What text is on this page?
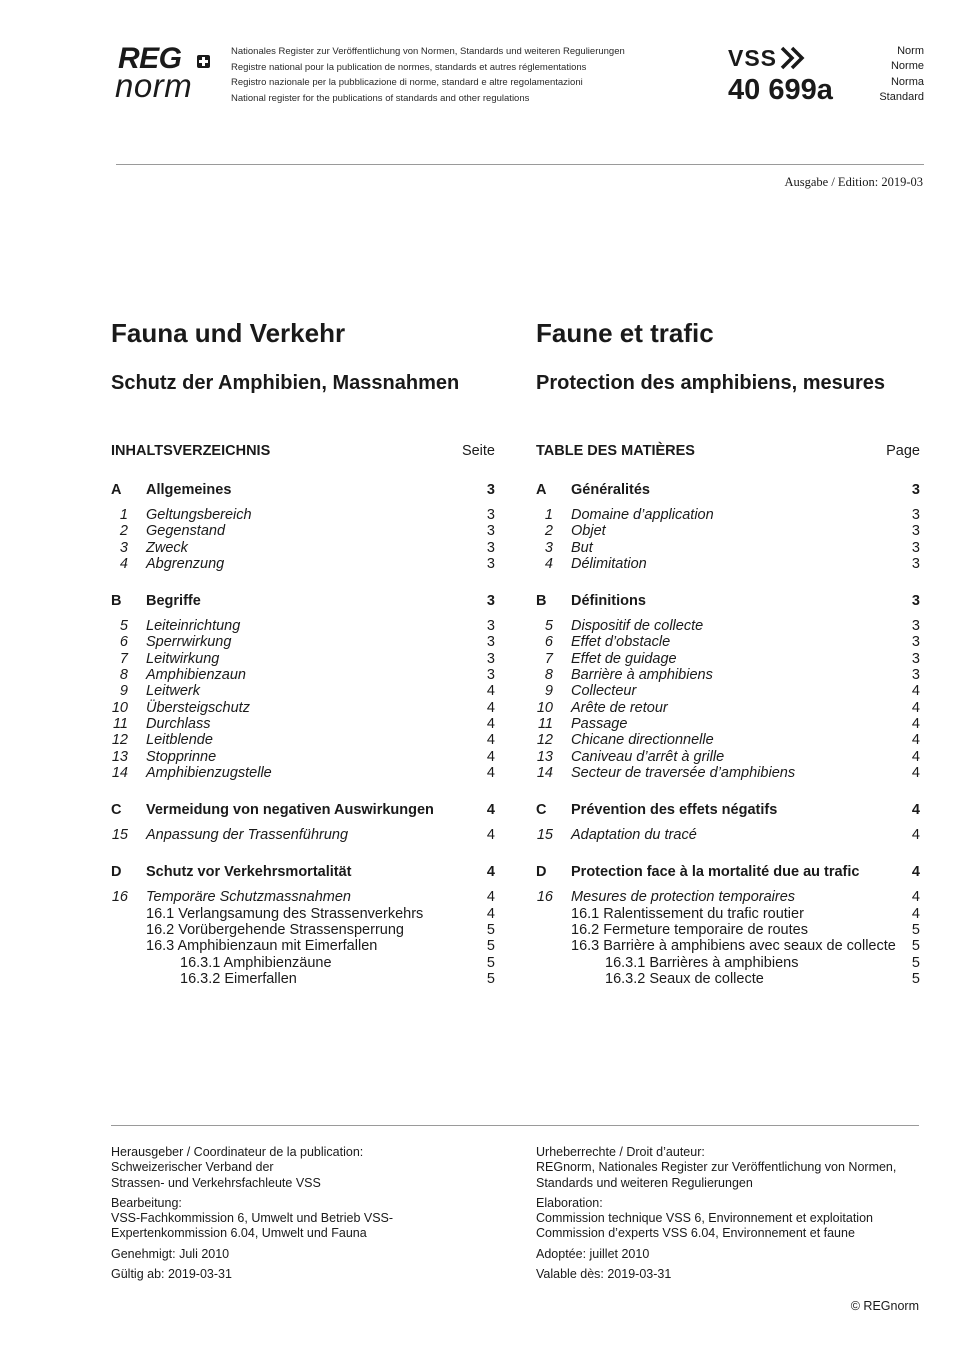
REG
norm
Nationales Register zur Veröffentlichung von Normen, Standards und weiteren Regulierungen
Registre national pour la publication de normes, standards et autres réglementations
Registro nazionale per la pubblicazione di norme, standard e altre regolamentazioni
National register for the publications of standards and other regulations
VSS
40 699a
Norm
Norme
Norma
Standard
Ausgabe / Edition: 2019-03
Fauna und Verkehr
Schutz der Amphibien, Massnahmen
INHALTSVERZEICHNIS	Seite
A Allgemeines	3
1 Geltungsbereich	3
2 Gegenstand	3
3 Zweck	3
4 Abgrenzung	3
B Begriffe	3
5 Leiteinrichtung	3
6 Sperrwirkung	3
7 Leitwirkung	3
8 Amphibienzaun	3
9 Leitwerk	4
10 Übersteigschutz	4
11 Durchlass	4
12 Leitblende	4
13 Stopprinne	4
14 Amphibienzugstelle	4
C Vermeidung von negativen Auswirkungen	4
15 Anpassung der Trassenführung	4
D Schutz vor Verkehrsmortalität	4
16 Temporäre Schutzmassnahmen	4
16.1 Verlangsamung des Strassenverkehrs	4
16.2 Vorübergehende Strassensperrung	5
16.3 Amphibienzaun mit Eimerfallen	5
16.3.1 Amphibienzäune	5
16.3.2 Eimerfallen	5
Faune et trafic
Protection des amphibiens, mesures
TABLE DES MATIÈRES	Page
A Généralités	3
1 Domaine d’application	3
2 Objet	3
3 But	3
4 Délimitation	3
B Définitions	3
5 Dispositif de collecte	3
6 Effet d’obstacle	3
7 Effet de guidage	3
8 Barrière à amphibiens	3
9 Collecteur	4
10 Arête de retour	4
11 Passage	4
12 Chicane directionnelle	4
13 Caniveau d’arrêt à grille	4
14 Secteur de traversée d’amphibiens	4
C Prévention des effets négatifs	4
15 Adaptation du tracé	4
D Protection face à la mortalité due au trafic	4
16 Mesures de protection temporaires	4
16.1 Ralentissement du trafic routier	4
16.2 Fermeture temporaire de routes	5
16.3 Barrière à amphibiens avec seaux de collecte 5
16.3.1 Barrières à amphibiens	5
16.3.2 Seaux de collecte	5

Herausgeber / Coordinateur de la publication:
Schweizerischer Verband der
Strassen- und Verkehrsfachleute VSS

Bearbeitung:
VSS-Fachkommission 6, Umwelt und Betrieb VSS-
Expertenkommission 6.04, Umwelt und Fauna

Genehmigt: Juli 2010

Gültig ab: 2019-03-31

Urheberrechte / Droit d’auteur:
REGnorm, Nationales Register zur Veröffentlichung von Normen,
Standards und weiteren Regulierungen

Elaboration:
Commission technique VSS 6, Environnement et exploitation
Commission d’experts VSS 6.04, Environnement et faune

Adoptée: juillet 2010

Valable dès: 2019-03-31

© REGnorm
